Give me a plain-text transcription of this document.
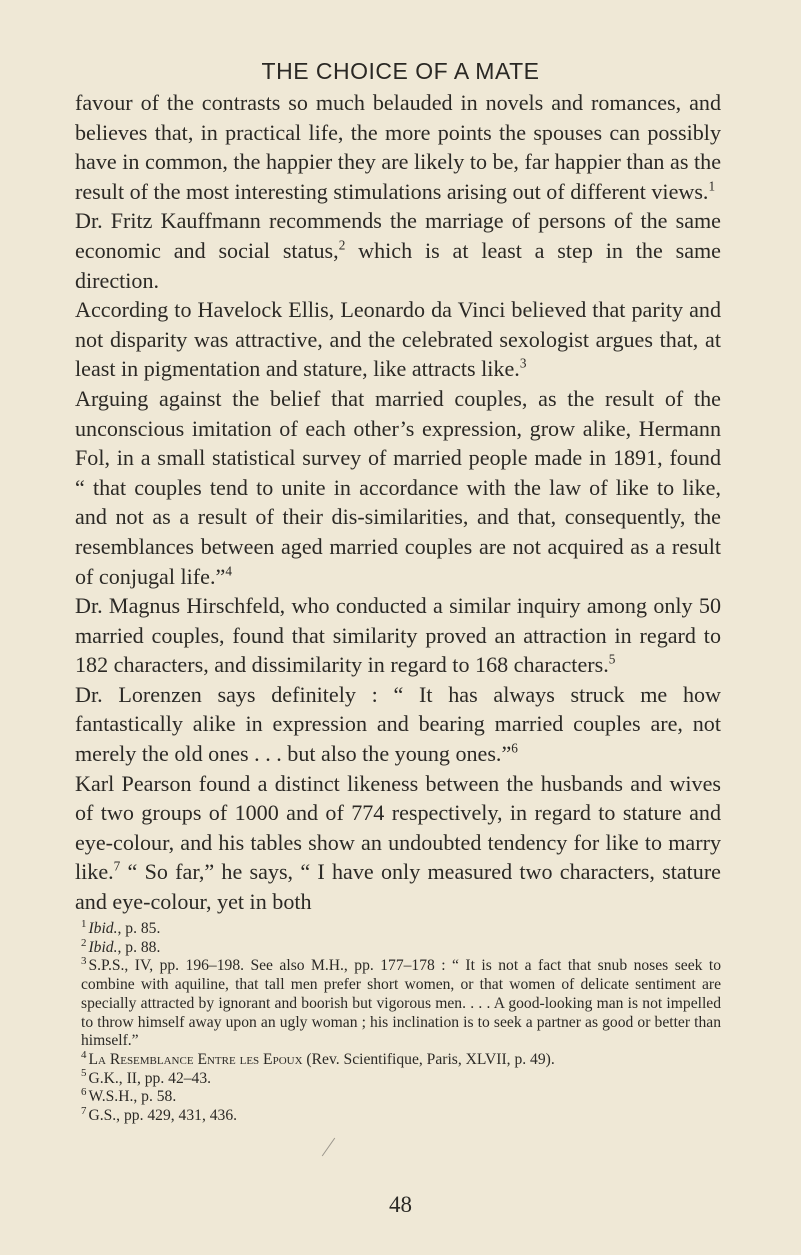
THE CHOICE OF A MATE

favour of the contrasts so much belauded in novels and romances, and believes that, in practical life, the more points the spouses can possibly have in common, the happier they are likely to be, far happier than as the result of the most interesting stimulations arising out of different views.$^1$

Dr. Fritz Kauffmann recommends the marriage of persons of the same economic and social status,$^2$ which is at least a step in the same direction.

According to Havelock Ellis, Leonardo da Vinci believed that parity and not disparity was attractive, and the celebrated sexologist argues that, at least in pigmentation and stature, like attracts like.$^3$

Arguing against the belief that married couples, as the result of the unconscious imitation of each other’s expression, grow alike, Hermann Fol, in a small statistical survey of married people made in 1891, found “ that couples tend to unite in accordance with the law of like to like, and not as a result of their dis-similarities, and that, consequently, the resemblances between aged married couples are not acquired as a result of conjugal life.”$^4$

Dr. Magnus Hirschfeld, who conducted a similar inquiry among only 50 married couples, found that similarity proved an attraction in regard to 182 characters, and dissimilarity in regard to 168 characters.$^5$

Dr. Lorenzen says definitely : “ It has always struck me how fantastically alike in expression and bearing married couples are, not merely the old ones . . . but also the young ones.”$^6$

Karl Pearson found a distinct likeness between the husbands and wives of two groups of 1000 and of 774 respectively, in regard to stature and eye-colour, and his tables show an undoubted tendency for like to marry like.$^7$ “ So far,” he says, “ I have only measured two characters, stature and eye-colour, yet in both

$^1$ Ibid., p. 85.

$^2$ Ibid., p. 88.

$^3$ S.P.S., IV, pp. 196–198. See also M.H., pp. 177–178 : “ It is not a fact that snub noses seek to combine with aquiline, that tall men prefer short women, or that women of delicate sentiment are specially attracted by ignorant and boorish but vigorous men. . . . A good-looking man is not impelled to throw himself away upon an ugly woman ; his inclination is to seek a partner as good or better than himself.”

$^4$ La Resemblance Entre les Epoux (Rev. Scientifique, Paris, XLVII, p. 49).

$^5$ G.K., II, pp. 42–43.

$^6$ W.S.H., p. 58.

$^7$ G.S., pp. 429, 431, 436.

48
